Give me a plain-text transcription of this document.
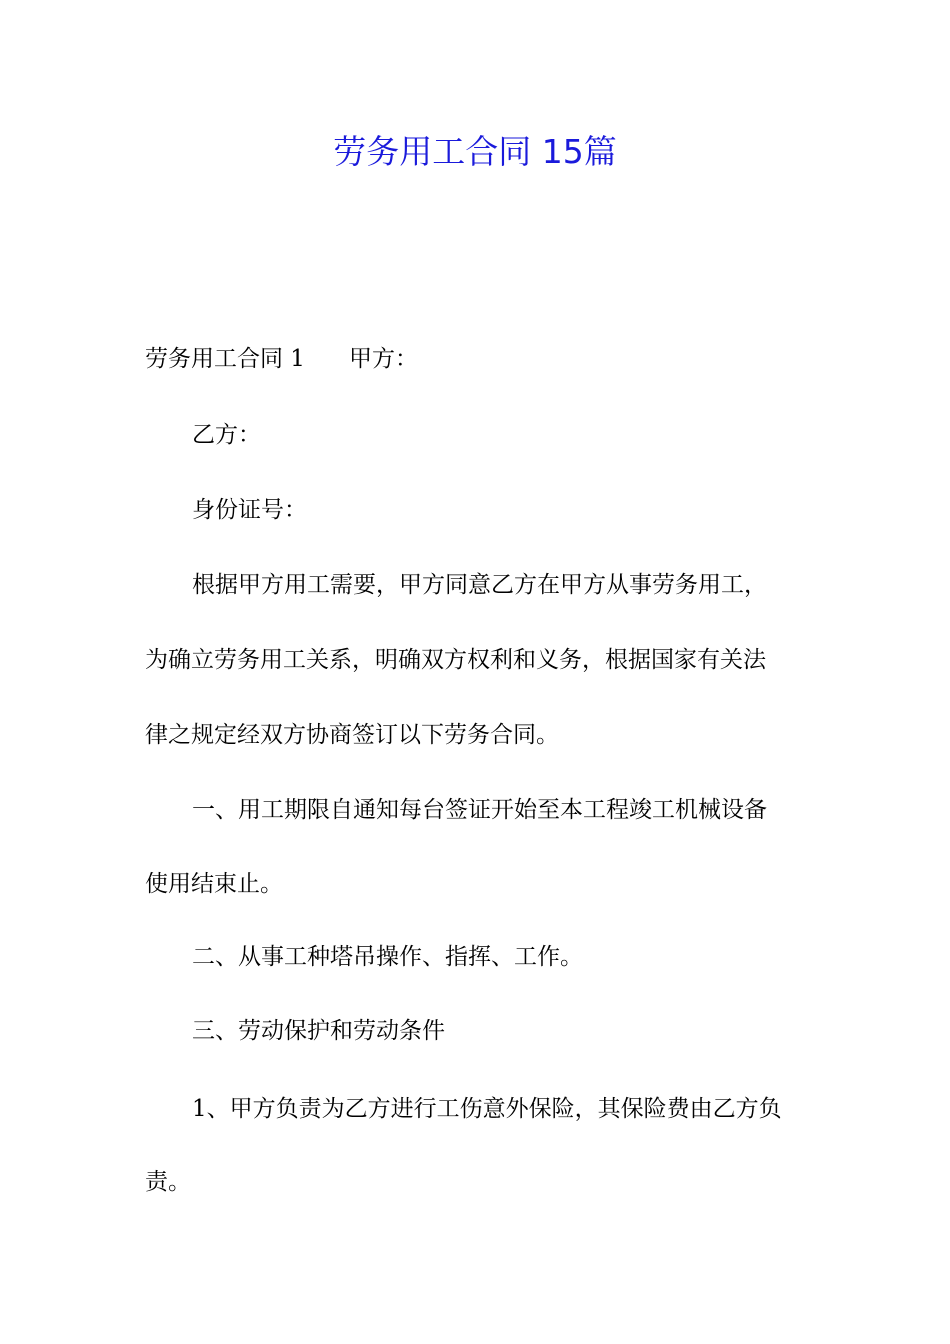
劳务用工合同 15篇

劳务用工合同 1 甲方：

乙方：

身份证号：

根据甲方用工需要，甲方同意乙方在甲方从事劳务用工，

为确立劳务用工关系，明确双方权利和义务，根据国家有关法

律之规定经双方协商签订以下劳务合同。

一、用工期限自通知每台签证开始至本工程竣工机械设备

使用结束止。

二、从事工种塔吊操作、指挥、工作。

三、劳动保护和劳动条件

1、甲方负责为乙方进行工伤意外保险，其保险费由乙方负

责。
